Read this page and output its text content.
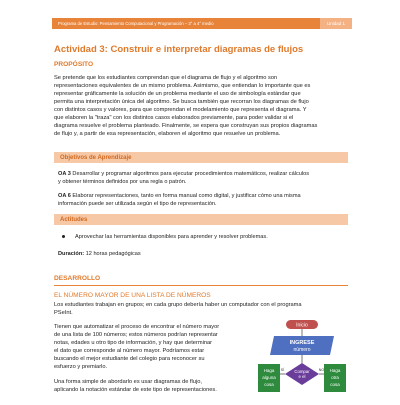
Programa de Estudio: Pensamiento Computacional y Programación – 3° a 4° medio	Unidad 1
Actividad 3: Construir e interpretar diagramas de flujos
PROPÓSITO
Se pretende que los estudiantes comprendan que el diagrama de flujo y el algoritmo son
representaciones equivalentes de un mismo problema. Asimismo, que entiendan lo importante que es
representar gráficamente la solución de un problema mediante el uso de simbología estándar que
permita una interpretación única del algoritmo. Se busca también que recorran los diagramas de flujo
con distintos casos y valores, para que comprendan el modelamiento que representa el diagrama. Y
que elaboren la "traza" con los distintos casos elaborados previamente, para poder validar si el
diagrama resuelve el problema planteado. Finalmente, se espera que construyan sus propios diagramas
de flujo y, a partir de esa representación, elaboren el algoritmo que resuelve un problema.
Objetivos de Aprendizaje
OA 3 Desarrollar y programar algoritmos para ejecutar procedimientos matemáticos, realizar cálculos
y obtener términos definidos por una regla o patrón.
OA 6 Elaborar representaciones, tanto en forma manual como digital, y justificar cómo una misma
información puede ser utilizada según el tipo de representación.
Actitudes
Aprovechar las herramientas disponibles para aprender y resolver problemas.
Duración: 12 horas pedagógicas
DESARROLLO
EL NÚMERO MAYOR DE UNA LISTA DE NÚMEROS
Los estudiantes trabajan en grupos; en cada grupo debería haber un computador con el programa
PSeInt.
Tienen que automatizar el proceso de encontrar el número mayor
de una lista de 100 números; estos números podrían representar
notas, edades u otro tipo de información, y hay que determinar
el dato que corresponde al número mayor. Podríamos estar
buscando el mejor estudiante del colegio para reconocer su
esfuerzo y premiarlo.
Una forma simple de abordarlo es usar diagramas de flujo,
aplicando la notación estándar de este tipo de representaciones.
Inicio
INGRESE
número
Compar
e el
Haga
alguna
cosa
Haga
otra
cosa
SÍ	NO
